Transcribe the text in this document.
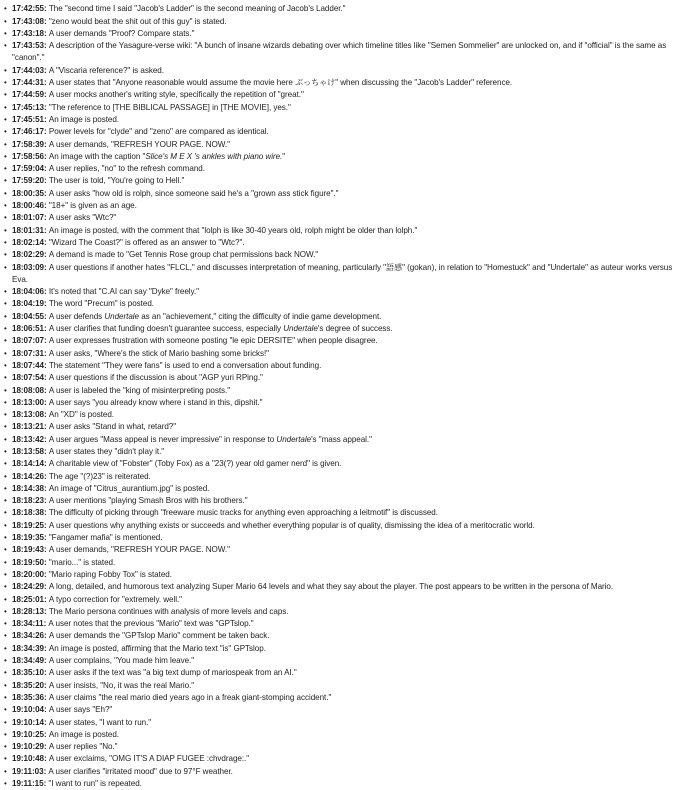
•
• 17:42:55: The "second time I said "Jacob's Ladder" is the second meaning of Jacob's Ladder."
• 17:43:08: "zeno would beat the shit out of this guy" is stated.
• 17:43:18: A user demands "Proof? Compare stats."
• 17:43:53: A description of the Yasagure-verse wiki: "A bunch of insane wizards debating over which timeline titles like "Semen Sommelier" are unlocked on, and if "official" is the same as "canon"."
• 17:44:03: A "Viscaria reference?" is asked.
• 17:44:31: A user states that "Anyone reasonable would assume the movie here ぶっちゃけ" when discussing the "Jacob's Ladder" reference.
• 17:44:59: A user mocks another's writing style, specifically the repetition of "great."
• 17:45:13: "The reference to [THE BIBLICAL PASSAGE] in [THE MOVIE], yes."
• 17:45:51: An image is posted.
• 17:46:17: Power levels for "clyde" and "zeno" are compared as identical.
• 17:58:39: A user demands, "REFRESH YOUR PAGE. NOW."
• 17:58:56: An image with the caption "Slice's M E X 's ankles with piano wire."
• 17:59:04: A user replies, "no" to the refresh command.
• 17:59:20: The user is told, "You're going to Hell."
• 18:00:35: A user asks "how old is rolph, since someone said he's a "grown ass stick figure"."
• 18:00:46: "18+" is given as an age.
• 18:01:07: A user asks "Wtc?"
• 18:01:31: An image is posted, with the comment that "lolph is like 30-40 years old, rolph might be older than lolph."
• 18:02:14: "Wizard The Coast?" is offered as an answer to "Wtc?".
• 18:02:29: A demand is made to "Get Tennis Rose group chat permissions back NOW."
• 18:03:09: A user questions if another hates "FLCL," and discusses interpretation of meaning, particularly "語感" (gokan), in relation to "Homestuck" and "Undertale" as auteur works versus Eva.
• 18:04:06: It's noted that "C.AI can say "Dyke" freely."
• 18:04:19: The word "Precum" is posted.
• 18:04:55: A user defends Undertale as an "achievement," citing the difficulty of indie game development.
• 18:06:51: A user clarifies that funding doesn't guarantee success, especially Undertale's degree of success.
• 18:07:07: A user expresses frustration with someone posting "le epic DERSITE" when people disagree.
• 18:07:31: A user asks, "Where's the stick of Mario bashing some bricks!"
• 18:07:44: The statement "They were fans" is used to end a conversation about funding.
• 18:07:54: A user questions if the discussion is about "AGP yuri RPing."
• 18:08:08: A user is labeled the "king of misinterpreting posts."
• 18:13:00: A user says "you already know where i stand in this, dipshit."
• 18:13:08: An "XD" is posted.
• 18:13:21: A user asks "Stand in what, retard?"
• 18:13:42: A user argues "Mass appeal is never impressive" in response to Undertale's "mass appeal."
• 18:13:58: A user states they "didn't play it."
• 18:14:14: A charitable view of "Fobster" (Toby Fox) as a "23(?) year old gamer nerd" is given.
• 18:14:26: The age "(?)23" is reiterated.
• 18:14:38: An image of "Citrus_aurantium.jpg" is posted.
• 18:18:23: A user mentions "playing Smash Bros with his brothers."
• 18:18:38: The difficulty of picking through "freeware music tracks for anything even approaching a leitmotif" is discussed.
• 18:19:25: A user questions why anything exists or succeeds and whether everything popular is of quality, dismissing the idea of a meritocratic world.
• 18:19:35: "Fangamer mafia" is mentioned.
• 18:19:43: A user demands, "REFRESH YOUR PAGE. NOW."
• 18:19:50: "mario..." is stated.
• 18:20:00: "Mario raping Fobby Tox" is stated.
• 18:24:29: A long, detailed, and humorous text analyzing Super Mario 64 levels and what they say about the player. The post appears to be written in the persona of Mario.
• 18:25:01: A typo correction for "extremely. well."
• 18:28:13: The Mario persona continues with analysis of more levels and caps.
• 18:34:11: A user notes that the previous "Mario" text was "GPTslop."
• 18:34:26: A user demands the "GPTslop Mario" comment be taken back.
• 18:34:39: An image is posted, affirming that the Mario text "is" GPTslop.
• 18:34:49: A user complains, "You made him leave."
• 18:35:10: A user asks if the text was "a big text dump of mariospeak from an AI."
• 18:35:20: A user insists, "No, it was the real Mario."
• 18:35:36: A user claims "the real mario died years ago in a freak giant-stomping accident."
• 19:10:04: A user says "Eh?"
• 19:10:14: A user states, "I want to run."
• 19:10:25: An image is posted.
• 19:10:29: A user replies "No."
• 19:10:48: A user exclaims, "OMG IT'S A DIAP FUGEE :chvdrage:."
• 19:11:03: A user clarifies "irritated mood" due to 97°F weather.
• 19:11:15: "I want to run" is repeated.
